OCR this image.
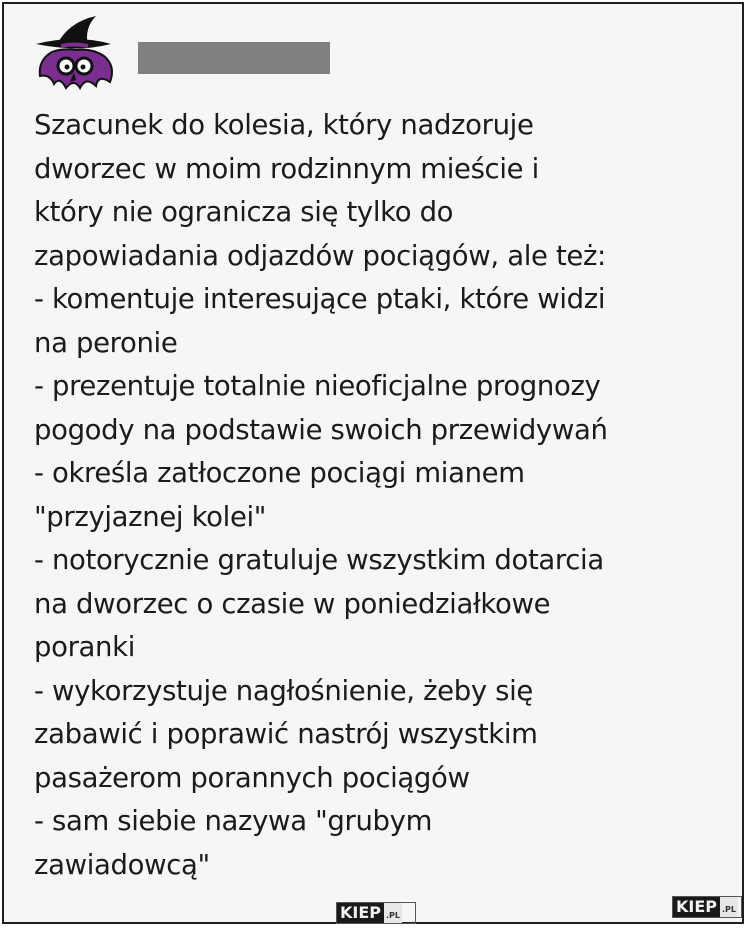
Szacunek do kolesia, który nadzoruje
dworzec w moim rodzinnym mieście i
który nie ogranicza się tylko do
zapowiadania odjazdów pociągów, ale też:
- komentuje interesujące ptaki, które widzi
na peronie
- prezentuje totalnie nieoficjalne prognozy
pogody na podstawie swoich przewidywań
- określa zatłoczone pociągi mianem
"przyjaznej kolei"
- notorycznie gratuluje wszystkim dotarcia
na dworzec o czasie w poniedziałkowe
poranki
- wykorzystuje nagłośnienie, żeby się
zabawić i poprawić nastrój wszystkim
pasażerom porannych pociągów
- sam siebie nazywa "grubym
zawiadowcą"

KIEP .PL	KIEP .PL
